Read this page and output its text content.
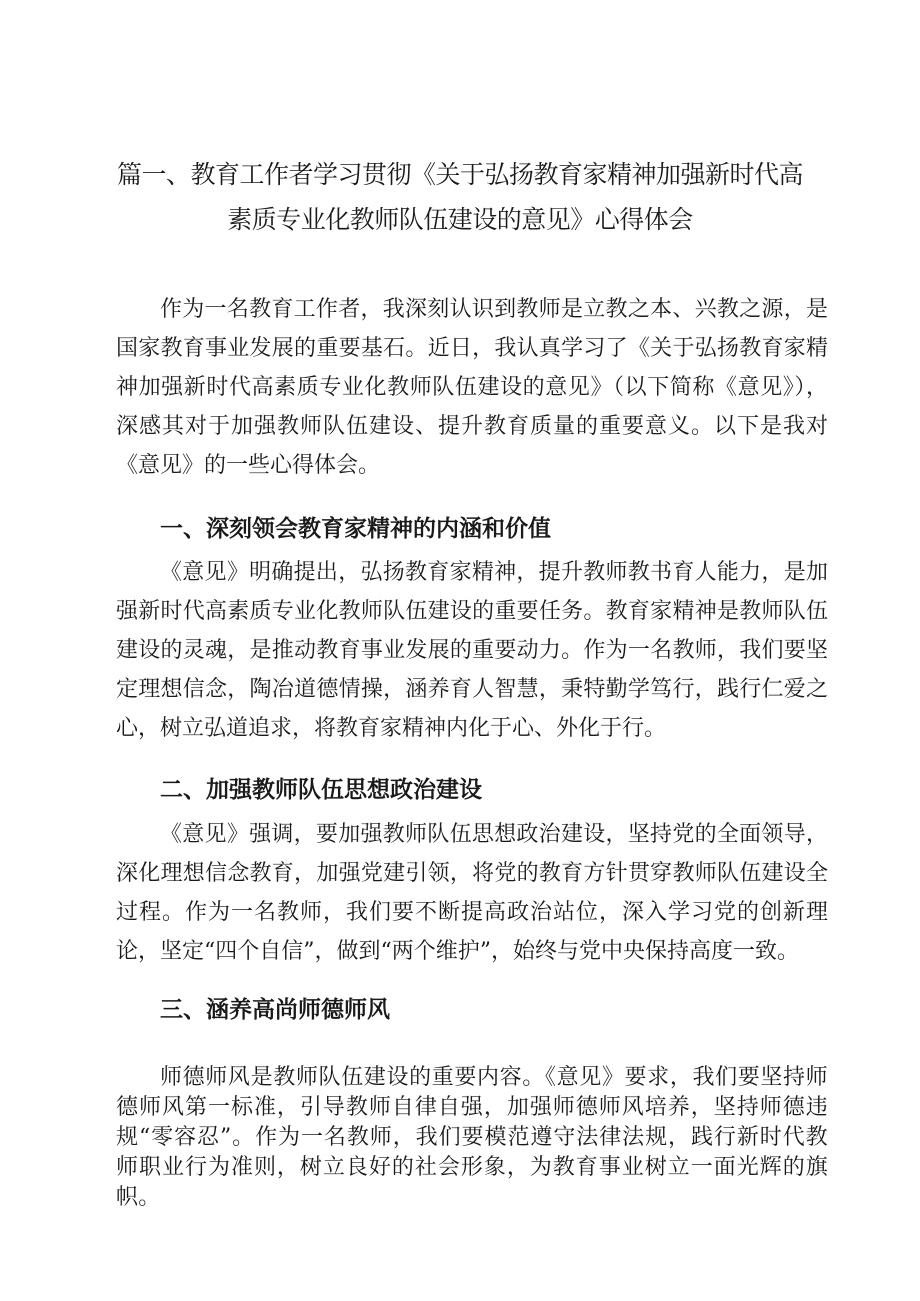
篇一、教育工作者学习贯彻《关于弘扬教育家精神加强新时代高
素质专业化教师队伍建设的意见》心得体会

作为一名教育工作者，我深刻认识到教师是立教之本、兴教之源，是国家教育事业发展的重要基石。近日，我认真学习了《关于弘扬教育家精神加强新时代高素质专业化教师队伍建设的意见》（以下简称《意见》），深感其对于加强教师队伍建设、提升教育质量的重要意义。以下是我对《意见》的一些心得体会。

一、深刻领会教育家精神的内涵和价值

《意见》明确提出，弘扬教育家精神，提升教师教书育人能力，是加强新时代高素质专业化教师队伍建设的重要任务。教育家精神是教师队伍建设的灵魂，是推动教育事业发展的重要动力。作为一名教师，我们要坚定理想信念，陶冶道德情操，涵养育人智慧，秉特勤学笃行，践行仁爱之心，树立弘道追求，将教育家精神内化于心、外化于行。

二、加强教师队伍思想政治建设

《意见》强调，要加强教师队伍思想政治建设，坚持党的全面领导，深化理想信念教育，加强党建引领，将党的教育方针贯穿教师队伍建设全过程。作为一名教师，我们要不断提高政治站位，深入学习党的创新理论，坚定“四个自信”，做到“两个维护”，始终与党中央保持高度一致。

三、涵养高尚师德师风

师德师风是教师队伍建设的重要内容。《意见》要求，我们要坚持师德师风第一标准，引导教师自律自强，加强师德师风培养，坚持师德违规“零容忍”。作为一名教师，我们要模范遵守法律法规，践行新时代教师职业行为准则，树立良好的社会形象，为教育事业树立一面光辉的旗帜。
